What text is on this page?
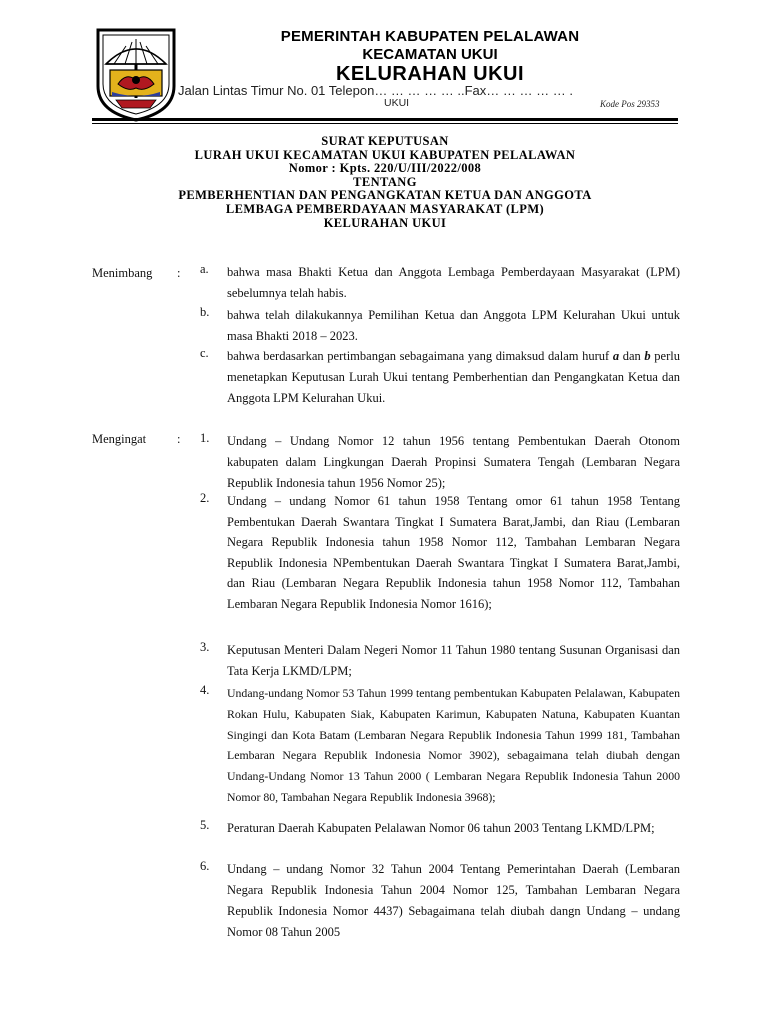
PEMERINTAH KABUPATEN PELALAWAN
KECAMATAN UKUI
KELURAHAN UKUI
Jalan Lintas Timur No. 01 Telepon… … … … … ..Fax… … … … … .
UKUI	Kode Pos 29353
SURAT KEPUTUSAN
LURAH UKUI KECAMATAN UKUI KABUPATEN PELALAWAN
Nomor : Kpts. 220/U/III/2022/008
TENTANG
PEMBERHENTIAN DAN PENGANGKATAN KETUA DAN ANGGOTA
LEMBAGA PEMBERDAYAAN MASYARAKAT (LPM)
KELURAHAN UKUI
Menimbang : a. bahwa masa Bhakti Ketua dan Anggota Lembaga Pemberdayaan Masyarakat (LPM) sebelumnya telah habis.
b. bahwa telah dilakukannya Pemilihan Ketua dan Anggota LPM Kelurahan Ukui untuk masa Bhakti 2018 – 2023.
c. bahwa berdasarkan pertimbangan sebagaimana yang dimaksud dalam huruf a dan b perlu menetapkan Keputusan Lurah Ukui tentang Pemberhentian dan Pengangkatan Ketua dan Anggota LPM Kelurahan Ukui.
Mengingat : 1. Undang – Undang Nomor 12 tahun 1956 tentang Pembentukan Daerah Otonom kabupaten dalam Lingkungan Daerah Propinsi Sumatera Tengah (Lembaran Negara Republik Indonesia tahun 1956 Nomor 25);
2. Undang – undang Nomor 61 tahun 1958 Tentang omor 61 tahun 1958 Tentang Pembentukan Daerah Swantara Tingkat I Sumatera Barat,Jambi, dan Riau (Lembaran Negara Republik Indonesia tahun 1958 Nomor 112, Tambahan Lembaran Negara Republik Indonesia NPembentukan Daerah Swantara Tingkat I Sumatera Barat,Jambi, dan Riau (Lembaran Negara Republik Indonesia tahun 1958 Nomor 112, Tambahan Lembaran Negara Republik Indonesia Nomor 1616);
3. Keputusan Menteri Dalam Negeri Nomor 11 Tahun 1980 tentang Susunan Organisasi dan Tata Kerja LKMD/LPM;
4. Undang-undang Nomor 53 Tahun 1999 tentang pembentukan Kabupaten Pelalawan, Kabupaten Rokan Hulu, Kabupaten Siak, Kabupaten Karimun, Kabupaten Natuna, Kabupaten Kuantan Singingi dan Kota Batam (Lembaran Negara Republik Indonesia Tahun 1999 181, Tambahan Lembaran Negara Republik Indonesia Nomor 3902), sebagaimana telah diubah dengan Undang-Undang Nomor 13 Tahun 2000 ( Lembaran Negara Republik Indonesia Tahun 2000 Nomor 80, Tambahan Negara Republik Indonesia 3968);
5. Peraturan Daerah Kabupaten Pelalawan Nomor 06 tahun 2003 Tentang LKMD/LPM;
6. Undang – undang Nomor 32 Tahun 2004 Tentang Pemerintahan Daerah (Lembaran Negara Republik Indonesia Tahun 2004 Nomor 125, Tambahan Lembaran Negara Republik Indonesia Nomor 4437) Sebagaimana telah diubah dangn Undang – undang Nomor 08 Tahun 2005
